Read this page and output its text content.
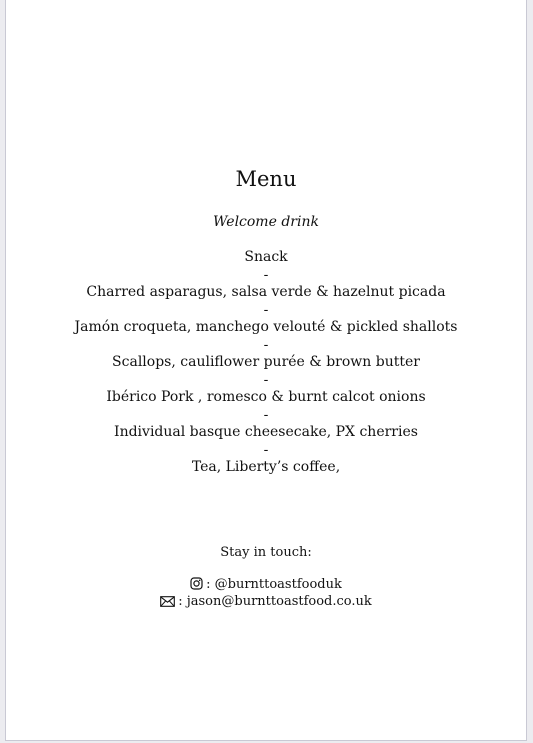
Menu
Welcome drink
Snack
-
Charred asparagus, salsa verde & hazelnut picada
-
Jamón croqueta, manchego velouté & pickled shallots
-
Scallops, cauliflower purée & brown butter
-
Ibérico Pork , romesco & burnt calcot onions
-
Individual basque cheesecake, PX cherries
-
Tea, Liberty’s coffee,
Stay in touch:
: @burnttoastfooduk
: jason@burnttoastfood.co.uk
